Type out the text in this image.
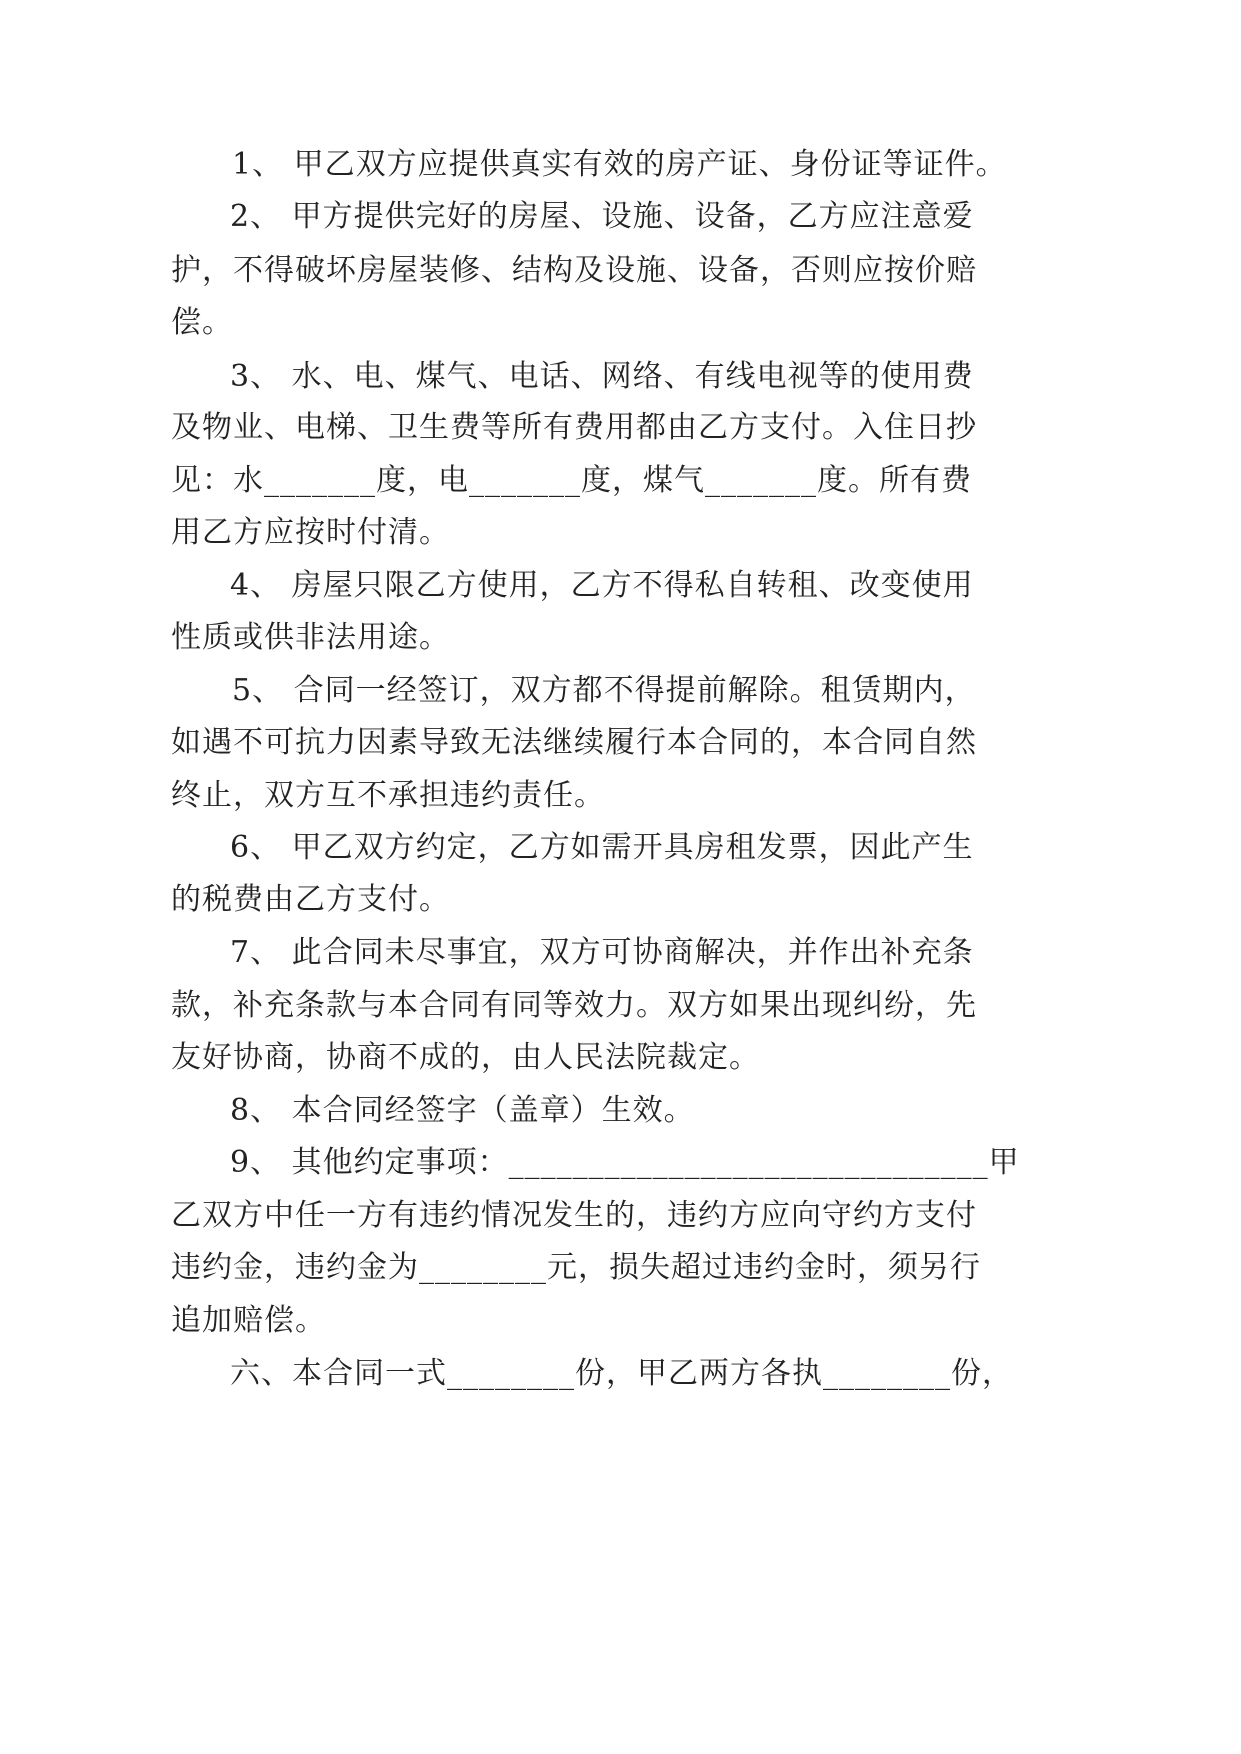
1、 甲乙双方应提供真实有效的房产证、身份证等证件。
2、 甲方提供完好的房屋、设施、设备，乙方应注意爱
护，不得破坏房屋装修、结构及设施、设备，否则应按价赔
偿。
3、 水、电、煤气、电话、网络、有线电视等的使用费
及物业、电梯、卫生费等所有费用都由乙方支付。入住日抄
见：水_______度，电_______度，煤气_______度。所有费
用乙方应按时付清。
4、 房屋只限乙方使用，乙方不得私自转租、改变使用
性质或供非法用途。
5、 合同一经签订，双方都不得提前解除。租赁期内，
如遇不可抗力因素导致无法继续履行本合同的，本合同自然
终止，双方互不承担违约责任。
6、 甲乙双方约定，乙方如需开具房租发票，因此产生
的税费由乙方支付。
7、 此合同未尽事宜，双方可协商解决，并作出补充条
款，补充条款与本合同有同等效力。双方如果出现纠纷，先
友好协商，协商不成的，由人民法院裁定。
8、 本合同经签字（盖章）生效。
9、 其他约定事项：______________________________甲
乙双方中任一方有违约情况发生的，违约方应向守约方支付
违约金，违约金为________元，损失超过违约金时，须另行
追加赔偿。
六、本合同一式________份，甲乙两方各执________份，
